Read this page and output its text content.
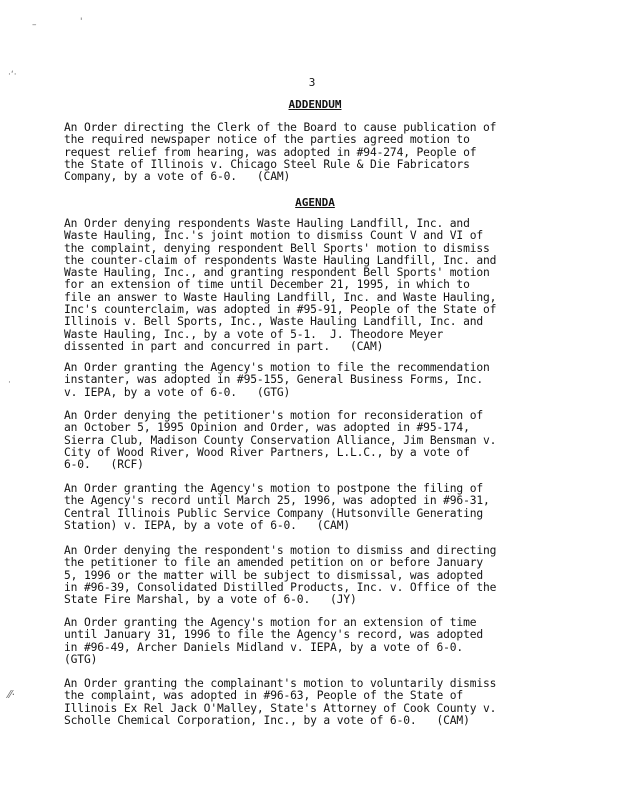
–	'
·‘·
·
⁄⁄·
3
ADDENDUM

An Order directing the Clerk of the Board to cause publication of
the required newspaper notice of the parties agreed motion to
request relief from hearing, was adopted in #94-274, People of
the State of Illinois v. Chicago Steel Rule & Die Fabricators
Company, by a vote of 6-0.   (CAM)

AGENDA

An Order denying respondents Waste Hauling Landfill, Inc. and
Waste Hauling, Inc.'s joint motion to dismiss Count V and VI of
the complaint, denying respondent Bell Sports' motion to dismiss
the counter-claim of respondents Waste Hauling Landfill, Inc. and
Waste Hauling, Inc., and granting respondent Bell Sports' motion
for an extension of time until December 21, 1995, in which to
file an answer to Waste Hauling Landfill, Inc. and Waste Hauling,
Inc's counterclaim, was adopted in #95-91, People of the State of
Illinois v. Bell Sports, Inc., Waste Hauling Landfill, Inc. and
Waste Hauling, Inc., by a vote of 5-1.  J. Theodore Meyer
dissented in part and concurred in part.   (CAM)

An Order granting the Agency's motion to file the recommendation
instanter, was adopted in #95-155, General Business Forms, Inc.
v. IEPA, by a vote of 6-0.   (GTG)

An Order denying the petitioner's motion for reconsideration of
an October 5, 1995 Opinion and Order, was adopted in #95-174,
Sierra Club, Madison County Conservation Alliance, Jim Bensman v.
City of Wood River, Wood River Partners, L.L.C., by a vote of
6-0.   (RCF)

An Order granting the Agency's motion to postpone the filing of
the Agency's record until March 25, 1996, was adopted in #96-31,
Central Illinois Public Service Company (Hutsonville Generating
Station) v. IEPA, by a vote of 6-0.   (CAM)

An Order denying the respondent's motion to dismiss and directing
the petitioner to file an amended petition on or before January
5, 1996 or the matter will be subject to dismissal, was adopted
in #96-39, Consolidated Distilled Products, Inc. v. Office of the
State Fire Marshal, by a vote of 6-0.   (JY)

An Order granting the Agency's motion for an extension of time
until January 31, 1996 to file the Agency's record, was adopted
in #96-49, Archer Daniels Midland v. IEPA, by a vote of 6-0.
(GTG)

An Order granting the complainant's motion to voluntarily dismiss
the complaint, was adopted in #96-63, People of the State of
Illinois Ex Rel Jack O'Malley, State's Attorney of Cook County v.
Scholle Chemical Corporation, Inc., by a vote of 6-0.   (CAM)
